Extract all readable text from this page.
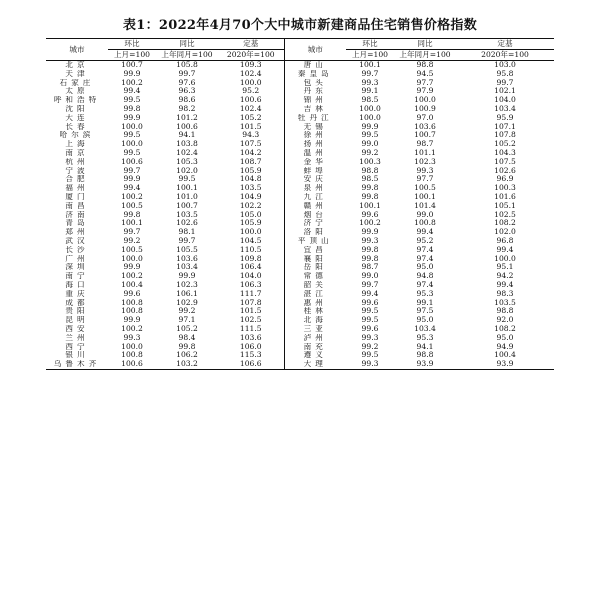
表1：2022年4月70个大中城市新建商品住宅销售价格指数
城市	环比	同比	定基	城市	环比	同比	定基
	上月=100	上年同月=100	2020年=100		上月=100	上年同月=100	2020年=100
北京	100.7	105.8	109.3	唐山	100.1	98.8	103.0
天津	99.9	99.7	102.4	秦皇岛	99.7	94.5	95.8
石家庄	100.2	97.6	100.0	包头	99.3	97.7	99.7
太原	99.4	96.3	95.2	丹东	99.1	97.9	102.1
呼和浩特	99.5	98.6	100.6	锦州	98.5	100.0	104.0
沈阳	99.8	98.2	102.4	吉林	100.0	100.9	103.4
大连	99.9	101.2	105.2	牡丹江	100.0	97.0	95.9
长春	100.0	100.6	101.5	无锡	99.9	103.6	107.1
哈尔滨	99.5	94.1	94.3	徐州	99.5	100.7	107.8
上海	100.0	103.8	107.5	扬州	99.0	98.7	105.2
南京	99.5	102.4	104.2	温州	99.2	101.1	104.3
杭州	100.6	105.3	108.7	金华	100.3	102.3	107.5
宁波	99.7	102.0	105.9	蚌埠	98.8	99.3	102.6
合肥	99.9	99.5	104.8	安庆	98.5	97.7	96.9
福州	99.4	100.1	103.5	泉州	99.8	100.5	100.3
厦门	100.2	101.0	104.9	九江	99.8	100.1	101.6
南昌	100.5	100.7	102.2	赣州	100.1	101.4	105.1
济南	99.8	103.5	105.0	烟台	99.6	99.0	102.5
青岛	100.1	102.6	105.9	济宁	100.2	100.8	108.2
郑州	99.7	98.1	100.0	洛阳	99.9	99.4	102.0
武汉	99.2	99.7	104.5	平顶山	99.3	95.2	96.8
长沙	100.5	105.5	110.5	宜昌	99.8	97.4	99.4
广州	100.0	103.6	109.8	襄阳	99.8	97.4	100.0
深圳	99.9	103.4	106.4	岳阳	98.7	95.0	95.1
南宁	100.2	99.9	104.0	常德	99.0	94.8	94.2
海口	100.4	102.3	106.3	韶关	99.7	97.4	99.4
重庆	99.6	106.1	111.7	湛江	99.4	95.3	98.3
成都	100.8	102.9	107.8	惠州	99.6	99.1	103.5
贵阳	100.8	99.2	101.5	桂林	99.5	97.5	98.8
昆明	99.9	97.1	102.5	北海	99.5	95.0	92.0
西安	100.2	105.2	111.5	三亚	99.6	103.4	108.2
兰州	99.3	98.4	103.6	泸州	99.3	95.3	95.0
西宁	100.0	99.8	106.0	南充	99.2	94.1	94.9
银川	100.8	106.2	115.3	遵义	99.5	98.8	100.4
乌鲁木齐	100.6	103.2	106.6	大理	99.3	93.9	93.9
